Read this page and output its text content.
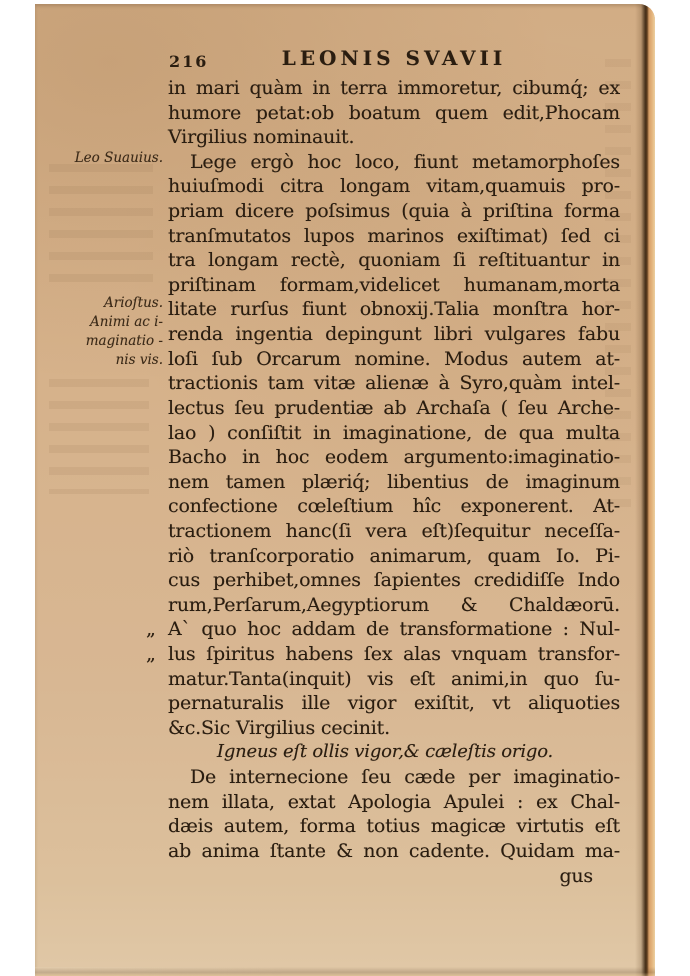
216	LEONIS SVAVII
in mari quàm in terra immoretur, cibumq́; ex
humore petat:ob boatum quem edit,Phocam
Virgilius nominauit.
Lege ergò hoc loco, fiunt metamorphoſes
huiuſmodi citra longam vitam,quamuis pro-
priam dicere poſsimus (quia à priſtina forma
tranſmutatos lupos marinos exiſtimat) ſed ci
tra longam rectè, quoniam ſi reſtituantur in
priſtinam formam,videlicet humanam,morta
litate rurſus fiunt obnoxij.Talia monſtra hor-
renda ingentia depingunt libri vulgares fabu
loſi ſub Orcarum nomine. Modus autem at-
tractionis tam vitæ alienæ à Syro,quàm intel-
lectus ſeu prudentiæ ab Archaſa ( ſeu Arche-
lao ) conſiſtit in imaginatione, de qua multa
Bacho in hoc eodem argumento:imaginatio-
nem tamen plæriq́; libentius de imaginum
confectione cœleſtium hîc exponerent. At-
tractionem hanc(ſi vera eſt)ſequitur neceſſa-
riò tranſcorporatio animarum, quam Io. Pi-
cus perhibet,omnes ſapientes credidiſſe Indo
rum,Perſarum,Aegyptiorum & Chaldæorū.
„ A` quo hoc addam de transformatione : Nul-
„ lus ſpiritus habens ſex alas vnquam transfor-
matur.Tanta(inquit) vis eſt animi,in quo ſu-
pernaturalis ille vigor exiſtit, vt aliquoties
&c.Sic Virgilius cecinit.
Igneus eſt ollis vigor,& cæleſtis origo.
De internecione ſeu cæde per imaginatio-
nem illata, extat Apologia Apulei : ex Chal-
dæis autem, forma totius magicæ virtutis eſt
ab anima ſtante & non cadente. Quidam ma-
gus
Leo Suauius.
Arioſtus.
Animi ac i-
maginatio -
nis vis.
